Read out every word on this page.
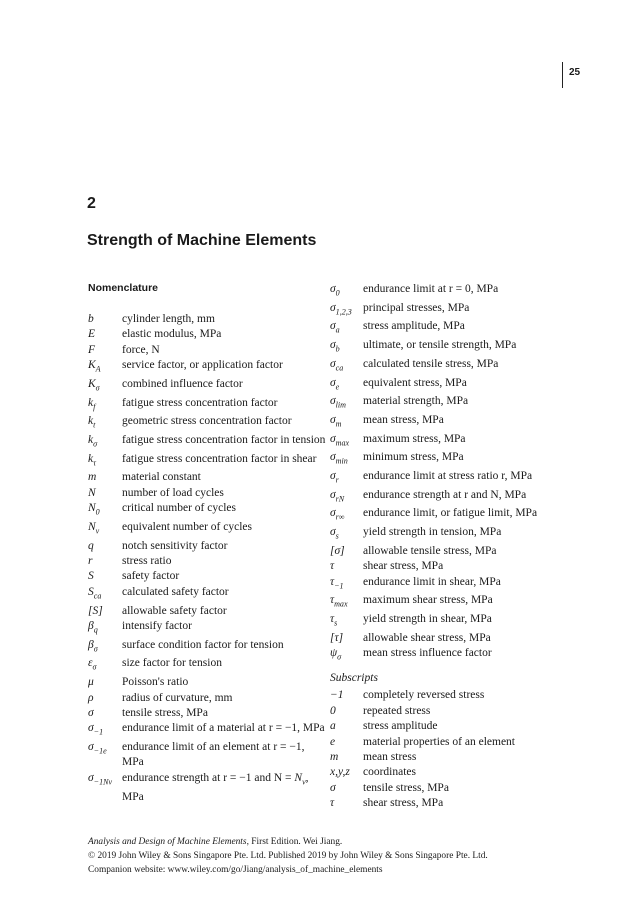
25
2
Strength of Machine Elements
Nomenclature
b	cylinder length, mm
E	elastic modulus, MPa
F	force, N
$K_A$	service factor, or application factor
$K_\sigma$	combined influence factor
$k_f$	fatigue stress concentration factor
$k_t$	geometric stress concentration factor
$k_\sigma$	fatigue stress concentration factor in tension
$k_\tau$	fatigue stress concentration factor in shear
m	material constant
N	number of load cycles
$N_0$	critical number of cycles
$N_v$	equivalent number of cycles
q	notch sensitivity factor
r	stress ratio
S	safety factor
$S_{ca}$	calculated safety factor
[S]	allowable safety factor
$\beta_q$	intensify factor
$\beta_\sigma$	surface condition factor for tension
$\varepsilon_\sigma$	size factor for tension
μ	Poisson's ratio
ρ	radius of curvature, mm
σ	tensile stress, MPa
$\sigma_{-1}$	endurance limit of a material at r = −1, MPa
$\sigma_{-1e}$	endurance limit of an element at r = −1, MPa
$\sigma_{-1Nv}$ endurance strength at r = −1 and $N = N_v$, MPa
$\sigma_0$	endurance limit at r = 0, MPa
$\sigma_{1,2,3}$ principal stresses, MPa
$\sigma_a$	stress amplitude, MPa
$\sigma_b$	ultimate, or tensile strength, MPa
$\sigma_{ca}$	calculated tensile stress, MPa
$\sigma_e$	equivalent stress, MPa
$\sigma_{lim}$	material strength, MPa
$\sigma_m$	mean stress, MPa
$\sigma_{max}$	maximum stress, MPa
$\sigma_{min}$	minimum stress, MPa
$\sigma_r$	endurance limit at stress ratio r, MPa
$\sigma_{rN}$	endurance strength at r and N, MPa
$\sigma_{r\infty}$	endurance limit, or fatigue limit, MPa
$\sigma_s$	yield strength in tension, MPa
[σ]	allowable tensile stress, MPa
τ	shear stress, MPa
$\tau_{-1}$	endurance limit in shear, MPa
$\tau_{max}$	maximum shear stress, MPa
$\tau_s$	yield strength in shear, MPa
[τ]	allowable shear stress, MPa
$\psi_\sigma$	mean stress influence factor
Subscripts
−1	completely reversed stress
0	repeated stress
a	stress amplitude
e	material properties of an element
m	mean stress
x,y,z	coordinates
σ	tensile stress, MPa
τ	shear stress, MPa
Analysis and Design of Machine Elements, First Edition. Wei Jiang.
© 2019 John Wiley & Sons Singapore Pte. Ltd. Published 2019 by John Wiley & Sons Singapore Pte. Ltd.
Companion website: www.wiley.com/go/Jiang/analysis_of_machine_elements
